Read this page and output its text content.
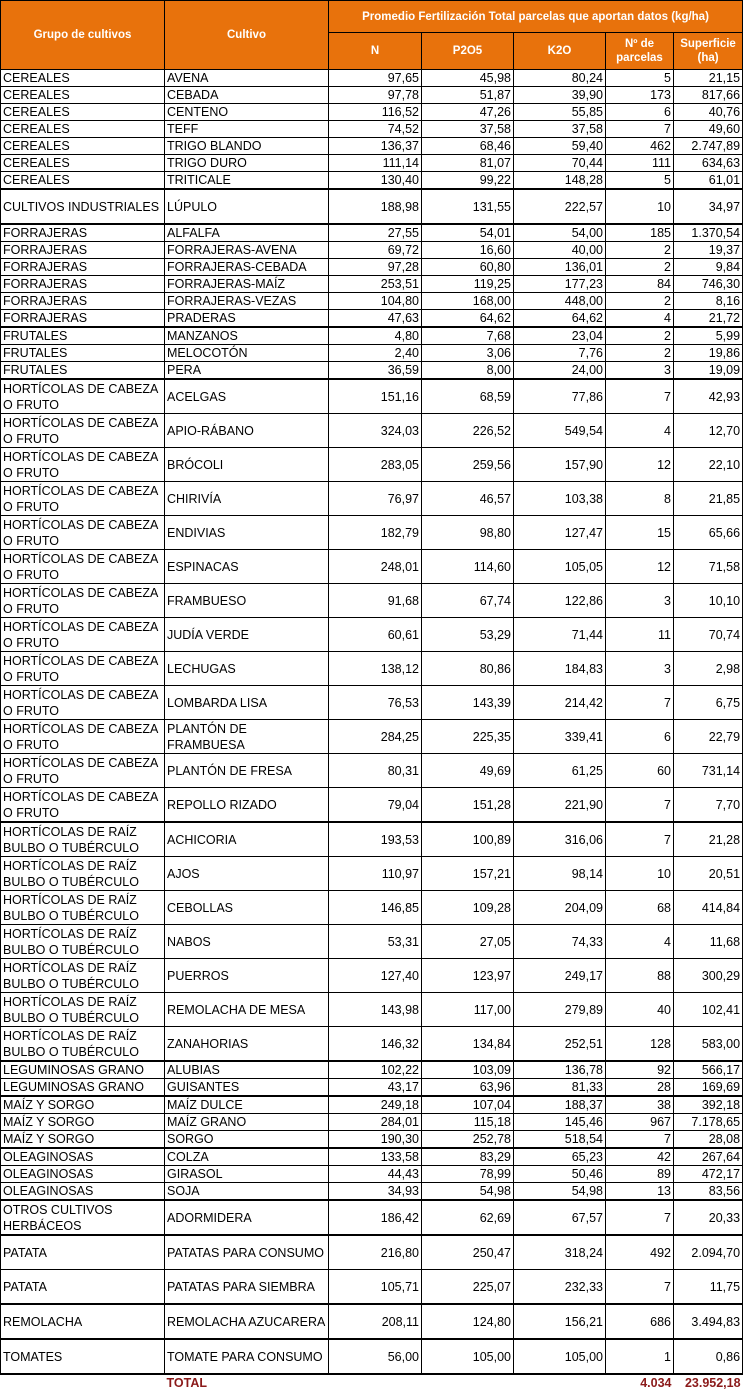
Grupo de cultivos	Cultivo	Promedio Fertilización Total parcelas que aportan datos (kg/ha)				
		N	P2O5	K2O	Nº de parcelas	Superficie (ha)
CEREALES	AVENA	97,65	45,98	80,24	5	21,15
CEREALES	CEBADA	97,78	51,87	39,90	173	817,66
CEREALES	CENTENO	116,52	47,26	55,85	6	40,76
CEREALES	TEFF	74,52	37,58	37,58	7	49,60
CEREALES	TRIGO BLANDO	136,37	68,46	59,40	462	2.747,89
CEREALES	TRIGO DURO	111,14	81,07	70,44	111	634,63
CEREALES	TRITICALE	130,40	99,22	148,28	5	61,01
CULTIVOS INDUSTRIALES	LÚPULO	188,98	131,55	222,57	10	34,97
FORRAJERAS	ALFALFA	27,55	54,01	54,00	185	1.370,54
FORRAJERAS	FORRAJERAS-AVENA	69,72	16,60	40,00	2	19,37
FORRAJERAS	FORRAJERAS-CEBADA	97,28	60,80	136,01	2	9,84
FORRAJERAS	FORRAJERAS-MAÍZ	253,51	119,25	177,23	84	746,30
FORRAJERAS	FORRAJERAS-VEZAS	104,80	168,00	448,00	2	8,16
FORRAJERAS	PRADERAS	47,63	64,62	64,62	4	21,72
FRUTALES	MANZANOS	4,80	7,68	23,04	2	5,99
FRUTALES	MELOCOTÓN	2,40	3,06	7,76	2	19,86
FRUTALES	PERA	36,59	8,00	24,00	3	19,09
HORTÍCOLAS DE CABEZA O FRUTO	ACELGAS	151,16	68,59	77,86	7	42,93
HORTÍCOLAS DE CABEZA O FRUTO	APIO-RÁBANO	324,03	226,52	549,54	4	12,70
HORTÍCOLAS DE CABEZA O FRUTO	BRÓCOLI	283,05	259,56	157,90	12	22,10
HORTÍCOLAS DE CABEZA O FRUTO	CHIRIVÍA	76,97	46,57	103,38	8	21,85
HORTÍCOLAS DE CABEZA O FRUTO	ENDIVIAS	182,79	98,80	127,47	15	65,66
HORTÍCOLAS DE CABEZA O FRUTO	ESPINACAS	248,01	114,60	105,05	12	71,58
HORTÍCOLAS DE CABEZA O FRUTO	FRAMBUESO	91,68	67,74	122,86	3	10,10
HORTÍCOLAS DE CABEZA O FRUTO	JUDÍA VERDE	60,61	53,29	71,44	11	70,74
HORTÍCOLAS DE CABEZA O FRUTO	LECHUGAS	138,12	80,86	184,83	3	2,98
HORTÍCOLAS DE CABEZA O FRUTO	LOMBARDA LISA	76,53	143,39	214,42	7	6,75
HORTÍCOLAS DE CABEZA O FRUTO	PLANTÓN DE FRAMBUESA	284,25	225,35	339,41	6	22,79
HORTÍCOLAS DE CABEZA O FRUTO	PLANTÓN DE FRESA	80,31	49,69	61,25	60	731,14
HORTÍCOLAS DE CABEZA O FRUTO	REPOLLO RIZADO	79,04	151,28	221,90	7	7,70
HORTÍCOLAS DE RAÍZ BULBO O TUBÉRCULO	ACHICORIA	193,53	100,89	316,06	7	21,28
HORTÍCOLAS DE RAÍZ BULBO O TUBÉRCULO	AJOS	110,97	157,21	98,14	10	20,51
HORTÍCOLAS DE RAÍZ BULBO O TUBÉRCULO	CEBOLLAS	146,85	109,28	204,09	68	414,84
HORTÍCOLAS DE RAÍZ BULBO O TUBÉRCULO	NABOS	53,31	27,05	74,33	4	11,68
HORTÍCOLAS DE RAÍZ BULBO O TUBÉRCULO	PUERROS	127,40	123,97	249,17	88	300,29
HORTÍCOLAS DE RAÍZ BULBO O TUBÉRCULO	REMOLACHA DE MESA	143,98	117,00	279,89	40	102,41
HORTÍCOLAS DE RAÍZ BULBO O TUBÉRCULO	ZANAHORIAS	146,32	134,84	252,51	128	583,00
LEGUMINOSAS GRANO	ALUBIAS	102,22	103,09	136,78	92	566,17
LEGUMINOSAS GRANO	GUISANTES	43,17	63,96	81,33	28	169,69
MAÍZ Y SORGO	MAÍZ DULCE	249,18	107,04	188,37	38	392,18
MAÍZ Y SORGO	MAÍZ GRANO	284,01	115,18	145,46	967	7.178,65
MAÍZ Y SORGO	SORGO	190,30	252,78	518,54	7	28,08
OLEAGINOSAS	COLZA	133,58	83,29	65,23	42	267,64
OLEAGINOSAS	GIRASOL	44,43	78,99	50,46	89	472,17
OLEAGINOSAS	SOJA	34,93	54,98	54,98	13	83,56
OTROS CULTIVOS HERBÁCEOS	ADORMIDERA	186,42	62,69	67,57	7	20,33
PATATA	PATATAS PARA CONSUMO	216,80	250,47	318,24	492	2.094,70
PATATA	PATATAS PARA SIEMBRA	105,71	225,07	232,33	7	11,75
REMOLACHA	REMOLACHA AZUCARERA	208,11	124,80	156,21	686	3.494,83
TOMATES	TOMATE PARA CONSUMO	56,00	105,00	105,00	1	0,86
	TOTAL				4.034	23.952,18
